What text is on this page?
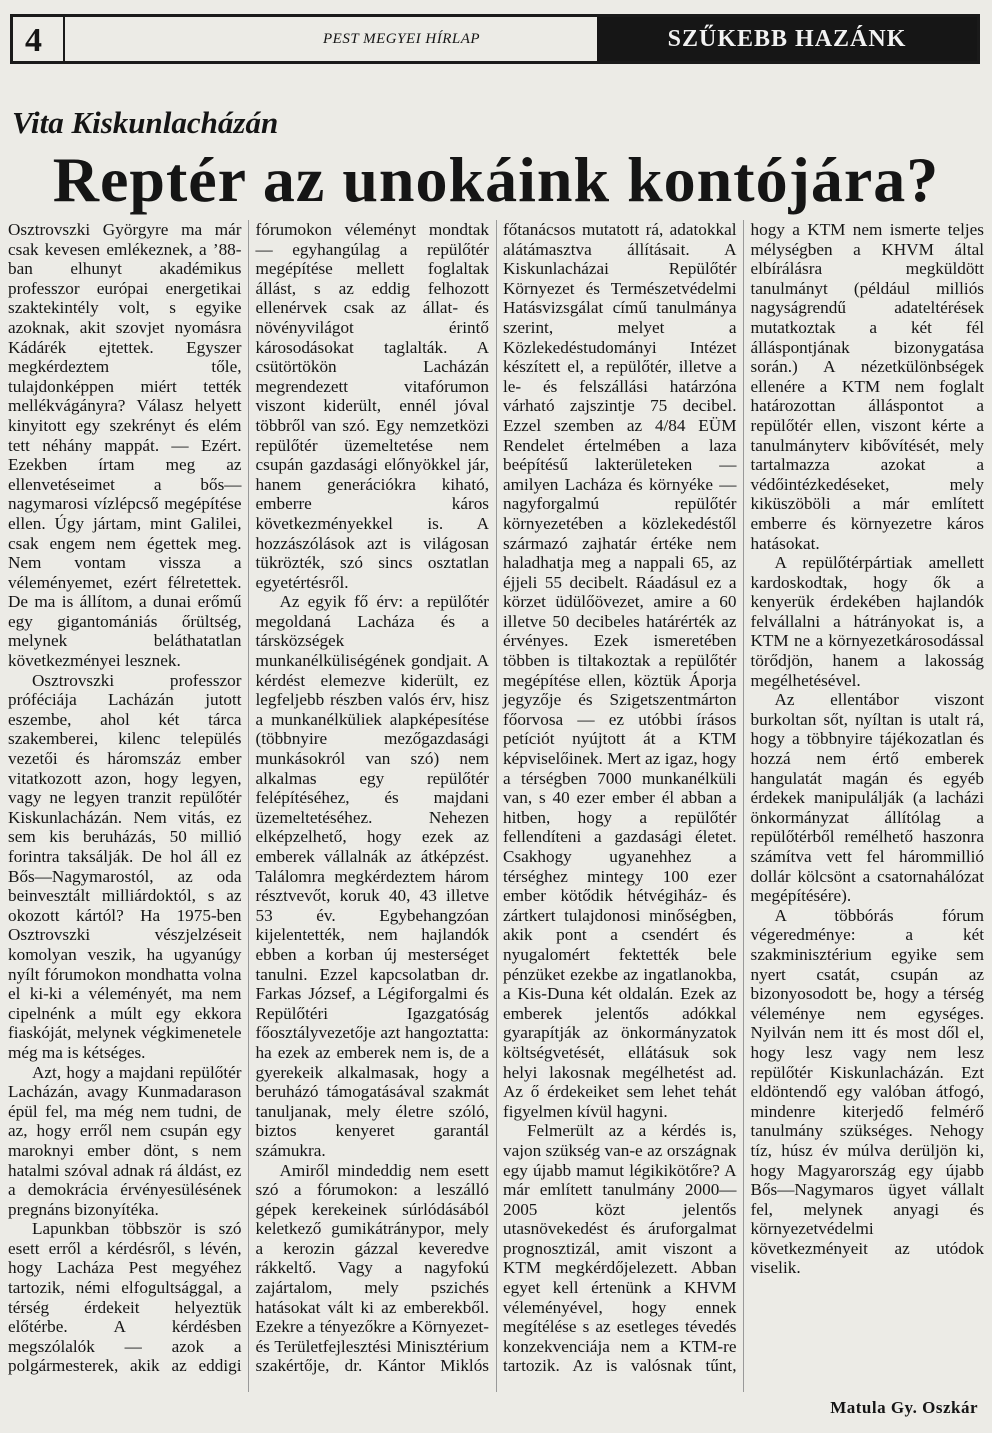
4	PEST MEGYEI HÍRLAP	SZŰKEBB HAZÁNK
Vita Kiskunlacházán
Reptér az unokáink kontójára?

Osztrovszki Györgyre ma már csak kevesen emlékeznek, a ’88-ban elhunyt akadémikus professzor európai energetikai szaktekintély volt, s egyike azoknak, akit szovjet nyomásra Kádárék ejtettek. Egyszer megkérdeztem tőle, tulajdonképpen miért tették mellékvágányra? Válasz helyett kinyitott egy szekrényt és elém tett néhány mappát. — Ezért. Ezekben írtam meg az ellenvetéseimet a bős—nagymarosi vízlépcső megépítése ellen. Úgy jártam, mint Galilei, csak engem nem égettek meg. Nem vontam vissza a véleményemet, ezért félretettek. De ma is állítom, a dunai erőmű egy gigantomániás őrültség, melynek beláthatatlan következményei lesznek.

Osztrovszki professzor próféciája Lacházán jutott eszembe, ahol két tárca szakemberei, kilenc település vezetői és háromszáz ember vitatkozott azon, hogy legyen, vagy ne legyen tranzit repülőtér Kiskunlacházán. Nem vitás, ez sem kis beruházás, 50 millió forintra taksálják. De hol áll ez Bős—Nagymarostól, az oda beinvesztált milliárdoktól, s az okozott kártól? Ha 1975-ben Osztrovszki vészjelzéseit komolyan veszik, ha ugyanúgy nyílt fórumokon mondhatta volna el ki-ki a véleményét, ma nem cipelnénk a múlt egy ekkora fiaskóját, melynek végkimenetele még ma is kétséges.

Azt, hogy a majdani repülőtér Lacházán, avagy Kunmadarason épül fel, ma még nem tudni, de az, hogy erről nem csupán egy maroknyi ember dönt, s nem hatalmi szóval adnak rá áldást, ez a demokrácia érvényesülésének pregnáns bizonyítéka.

Lapunkban többször is szó esett erről a kérdésről, s lévén, hogy Lacháza Pest megyéhez tartozik, némi elfogultsággal, a térség érdekeit helyeztük előtérbe. A kérdésben megszólalók — azok a polgármesterek, akik az eddigi fórumokon véleményt mondtak — egyhangúlag a repülőtér megépítése mellett foglaltak állást, s az eddig felhozott ellenérvek csak az állat- és növényvilágot érintő károsodásokat taglalták. A csütörtökön Lacházán megrendezett vitafórumon viszont kiderült, ennél jóval többről van szó. Egy nemzetközi repülőtér üzemeltetése nem csupán gazdasági előnyökkel jár, hanem generációkra kiható, emberre káros következményekkel is. A hozzászólások azt is világosan tükrözték, szó sincs osztatlan egyetértésről.

Az egyik fő érv: a repülőtér megoldaná Lacháza és a társközségek munkanélküliségének gondjait. A kérdést elemezve kiderült, ez legfeljebb részben valós érv, hisz a munkanélküliek alapképesítése (többnyire mezőgazdasági munkásokról van szó) nem alkalmas egy repülőtér felépítéséhez, és majdani üzemeltetéséhez. Nehezen elképzelhető, hogy ezek az emberek vállalnák az átképzést. Találomra megkérdeztem három résztvevőt, koruk 40, 43 illetve 53 év. Egybehangzóan kijelentették, nem hajlandók ebben a korban új mesterséget tanulni. Ezzel kapcsolatban dr. Farkas József, a Légiforgalmi és Repülőtéri Igazgatóság főosztályvezetője azt hangoztatta: ha ezek az emberek nem is, de a gyerekeik alkalmasak, hogy a beruházó támogatásával szakmát tanuljanak, mely életre szóló, biztos kenyeret garantál számukra.

Amiről mindeddig nem esett szó a fórumokon: a leszálló gépek kerekeinek súrlódásából keletkező gumikátránypor, mely a kerozin gázzal keveredve rákkeltő. Vagy a nagyfokú zajártalom, mely pszichés hatásokat vált ki az emberekből. Ezekre a tényezőkre a Környezet- és Területfejlesztési Minisztérium szakértője, dr. Kántor Miklós főtanácsos mutatott rá, adatokkal alátámasztva állításait. A Kiskunlacházai Repülőtér Környezet és Természetvédelmi Hatásvizsgálat című tanulmánya szerint, melyet a Közlekedéstudományi Intézet készített el, a repülőtér, illetve a le- és felszállási határzóna várható zajszintje 75 decibel. Ezzel szemben az 4/84 EÜM Rendelet értelmében a laza beépítésű lakterületeken — amilyen Lacháza és környéke — nagyforgalmú repülőtér környezetében a közlekedéstől származó zajhatár értéke nem haladhatja meg a nappali 65, az éjjeli 55 decibelt. Ráadásul ez a körzet üdülőövezet, amire a 60 illetve 50 decibeles határérték az érvényes. Ezek ismeretében többen is tiltakoztak a repülőtér megépítése ellen, köztük Áporja jegyzője és Szigetszentmárton főorvosa — ez utóbbi írásos petíciót nyújtott át a KTM képviselőinek. Mert az igaz, hogy a térségben 7000 munkanélküli van, s 40 ezer ember él abban a hitben, hogy a repülőtér fellendíteni a gazdasági életet. Csakhogy ugyanehhez a térséghez mintegy 100 ezer ember kötődik hétvégiház- és zártkert tulajdonosi minőségben, akik pont a csendért és nyugalomért fektették bele pénzüket ezekbe az ingatlanokba, a Kis-Duna két oldalán. Ezek az emberek jelentős adókkal gyarapítják az önkormányzatok költségvetését, ellátásuk sok helyi lakosnak megélhetést ad. Az ő érdekeiket sem lehet tehát figyelmen kívül hagyni.

Felmerült az a kérdés is, vajon szükség van-e az országnak egy újabb mamut légikikötőre? A már említett tanulmány 2000—2005 közt jelentős utasnövekedést és áruforgalmat prognosztizál, amit viszont a KTM megkérdőjelezett. Abban egyet kell értenünk a KHVM véleményével, hogy ennek megítélése s az esetleges tévedés konzekvenciája nem a KTM-re tartozik. Az is valósnak tűnt, hogy a KTM nem ismerte teljes mélységben a KHVM által elbírálásra megküldött tanulmányt (például milliós nagyságrendű adateltérések mutatkoztak a két fél álláspontjának bizonygatása során.) A nézetkülönbségek ellenére a KTM nem foglalt határozottan álláspontot a repülőtér ellen, viszont kérte a tanulmányterv kibővítését, mely tartalmazza azokat a védőintézkedéseket, mely kiküszöböli a már említett emberre és környezetre káros hatásokat.

A repülőtérpártiak amellett kardoskodtak, hogy ők a kenyerük érdekében hajlandók felvállalni a hátrányokat is, a KTM ne a környezetkárosodással törődjön, hanem a lakosság megélhetésével.

Az ellentábor viszont burkoltan sőt, nyíltan is utalt rá, hogy a többnyire tájékozatlan és hozzá nem értő emberek hangulatát magán és egyéb érdekek manipulálják (a lacházi önkormányzat állítólag a repülőtérből remélhető haszonra számítva vett fel hárommillió dollár kölcsönt a csatornahálózat megépítésére).

A többórás fórum végeredménye: a két szakminisztérium egyike sem nyert csatát, csupán az bizonyosodott be, hogy a térség véleménye nem egységes. Nyilván nem itt és most dől el, hogy lesz vagy nem lesz repülőtér Kiskunlacházán. Ezt eldöntendő egy valóban átfogó, mindenre kiterjedő felmérő tanulmány szükséges. Nehogy tíz, húsz év múlva derüljön ki, hogy Magyarország egy újabb Bős—Nagymaros ügyet vállalt fel, melynek anyagi és környezetvédelmi következményeit az utódok viselik.

Matula Gy. Oszkár
